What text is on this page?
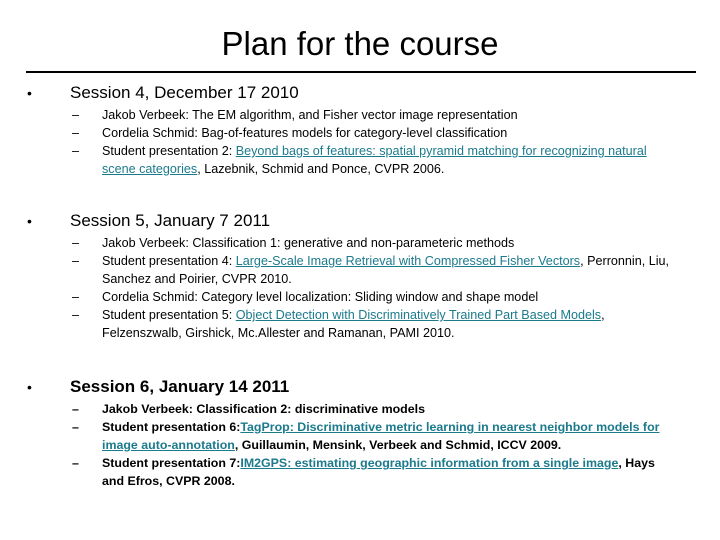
Plan for the course
• Session 4, December 17 2010
– Jakob Verbeek: The EM algorithm, and Fisher vector image representation
– Cordelia Schmid: Bag-of-features models for category-level classification
– Student presentation 2: Beyond bags of features: spatial pyramid matching for recognizing natural scene categories, Lazebnik, Schmid and Ponce, CVPR 2006.
• Session 5, January 7 2011
– Jakob Verbeek: Classification 1: generative and non-parameteric methods
– Student presentation 4: Large-Scale Image Retrieval with Compressed Fisher Vectors, Perronnin, Liu, Sanchez and Poirier, CVPR 2010.
– Cordelia Schmid: Category level localization: Sliding window and shape model
– Student presentation 5: Object Detection with Discriminatively Trained Part Based Models, Felzenszwalb, Girshick, Mc.Allester and Ramanan, PAMI 2010.
• Session 6, January 14 2011
– Jakob Verbeek: Classification 2: discriminative models
– Student presentation 6:TagProp: Discriminative metric learning in nearest neighbor models for image auto-annotation, Guillaumin, Mensink, Verbeek and Schmid, ICCV 2009.
– Student presentation 7:IM2GPS: estimating geographic information from a single image, Hays and Efros, CVPR 2008.
